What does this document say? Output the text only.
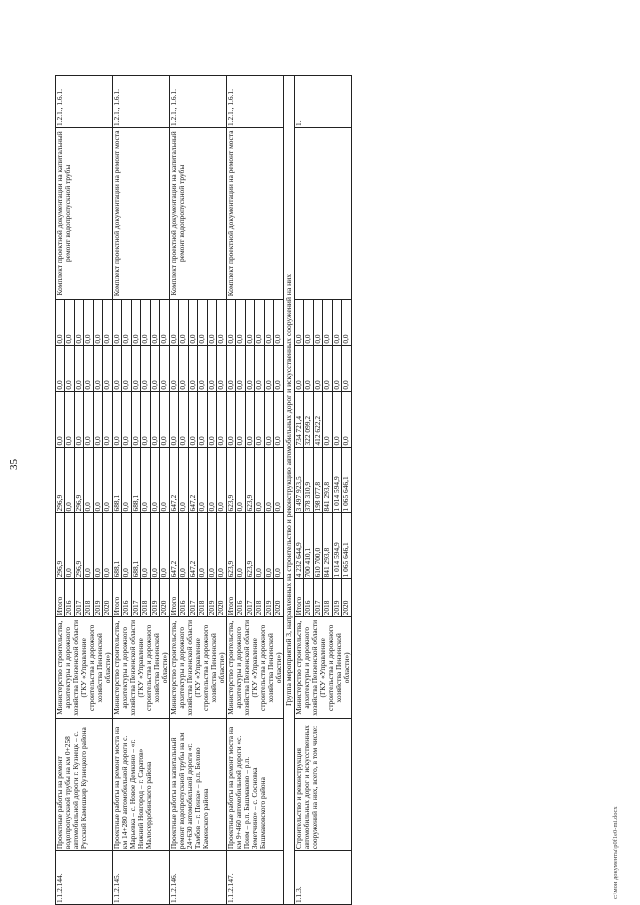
35
1.1.2.144.	Проектные работы на ремонт водопропускной трубы на км 0+258 автомобильной дороги г. Кузнецк – с. Русский Камешкир Кузнецкого района	Министерство строительства, архитектуры и дорожного хозяйства Пензенской области (ГКУ «Управление строительства и дорожного хозяйства Пензенской области»)	Итого	296,9	296,9	0,0	0,0	0,0	Комплект проектной документации на капитальный ремонт водопропускной трубы	1.2.1., 1.6.1.
			2016	0,0	0,0	0,0	0,0	0,0		
			2017	296,9	296,9	0,0	0,0	0,0		
			2018	0,0	0,0	0,0	0,0	0,0		
			2019	0,0	0,0	0,0	0,0	0,0		
			2020	0,0	0,0	0,0	0,0	0,0		
1.1.2.145.	Проектные работы на ремонт моста на км 14+280 автомобильной дороги с. Марьевка – с. Новое Демкино – «г. Нижний Новгород – г. Саратов» Малосердобинского района	Министерство строительства, архитектуры и дорожного хозяйства Пензенской области (ГКУ «Управление строительства и дорожного хозяйства Пензенской области»)	Итого	688,1	688,1	0,0	0,0	0,0	Комплект проектной документации на ремонт моста	1.2.1., 1.6.1.
			2016	0,0	0,0	0,0	0,0	0,0		
			2017	688,1	688,1	0,0	0,0	0,0		
			2018	0,0	0,0	0,0	0,0	0,0		
			2019	0,0	0,0	0,0	0,0	0,0		
			2020	0,0	0,0	0,0	0,0	0,0		
1.1.2.146.	Проектные работы на капитальный ремонт водопропускной трубы на км 24+630 автомобильной дороги «г. Тамбов – г. Пенза» – р.п. Белово Каменского района	Министерство строительства, архитектуры и дорожного хозяйства Пензенской области (ГКУ «Управление строительства и дорожного хозяйства Пензенской области»)	Итого	647,2	647,2	0,0	0,0	0,0	Комплект проектной документации на капитальный ремонт водопропускной трубы	1.2.1., 1.6.1.
			2016	0,0	0,0	0,0	0,0	0,0		
			2017	647,2	647,2	0,0	0,0	0,0		
			2018	0,0	0,0	0,0	0,0	0,0		
			2019	0,0	0,0	0,0	0,0	0,0		
			2020	0,0	0,0	0,0	0,0	0,0		
1.1.2.147.	Проектные работы на ремонт моста на км 9+460 автомобильной дороги «с. Поим – р.п. Башмаково – р.п. Земетчино» – с. Сосновка Башмаковского района	Министерство строительства, архитектуры и дорожного хозяйства Пензенской области (ГКУ «Управление строительства и дорожного хозяйства Пензенской области»)	Итого	623,9	623,9	0,0	0,0	0,0	Комплект проектной документации на ремонт моста	1.2.1., 1.6.1.
			2016	0,0	0,0	0,0	0,0	0,0		
			2017	623,9	623,9	0,0	0,0	0,0		
			2018	0,0	0,0	0,0	0,0	0,0		
			2019	0,0	0,0	0,0	0,0	0,0		
			2020	0,0	0,0	0,0	0,0	0,0		
Группа мероприятий 3, направленных на строительство и реконструкцию автомобильных дорог и искусственных сооружений на них										
1.1.3.	Строительство и реконструкция автомобильных дорог и искусственных сооружений на них, всего, в том числе:	Министерство строительства, архитектуры и дорожного хозяйства Пензенской области (ГКУ «Управление строительства и дорожного хозяйства Пензенской области»)	Итого	4 232 644,9	3 497 923,5	734 721,4	0,0	0,0		1.
			2016	700 410,1	378 310,9	322 099,2	0,0	0,0		
			2017	610 700,0	198 077,8	412 622,2	0,0	0,0		
			2018	841 293,8	841 293,8	0,0	0,0	0,0		
			2019	1 014 594,9	1 014 594,9	0,0	0,0	0,0		
			2020	1 065 646,1	1 065 646,1	0,0	0,0	0,0		
c:\мои документы\p0f1e0-mi.docx
